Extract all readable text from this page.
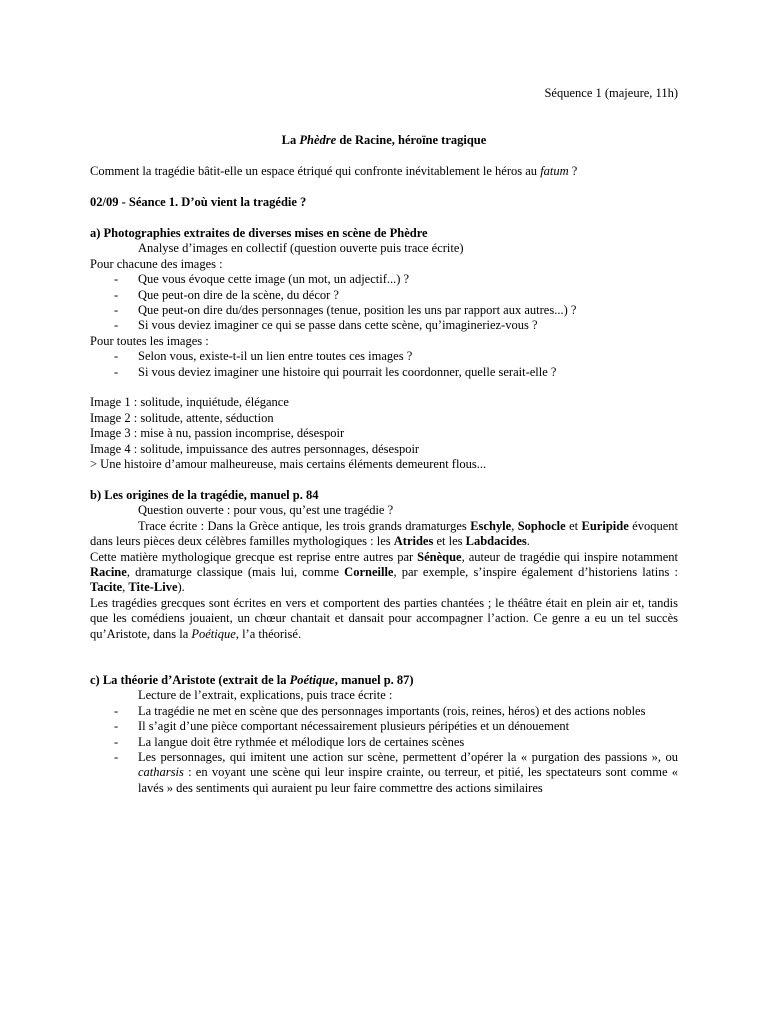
Séquence 1 (majeure, 11h)

La Phèdre de Racine, héroïne tragique

Comment la tragédie bâtit-elle un espace étriqué qui confronte inévitablement le héros au fatum ?

02/09 - Séance 1. D’où vient la tragédie ?

a) Photographies extraites de diverses mises en scène de Phèdre

Analyse d’images en collectif (question ouverte puis trace écrite)

Pour chacune des images :

- Que vous évoque cette image (un mot, un adjectif...) ?
- Que peut-on dire de la scène, du décor ?
- Que peut-on dire du/des personnages (tenue, position les uns par rapport aux autres...) ?
- Si vous deviez imaginer ce qui se passe dans cette scène, qu’imagineriez-vous ?

Pour toutes les images :

- Selon vous, existe-t-il un lien entre toutes ces images ?
- Si vous deviez imaginer une histoire qui pourrait les coordonner, quelle serait-elle ?

Image 1 : solitude, inquiétude, élégance

Image 2 : solitude, attente, séduction

Image 3 : mise à nu, passion incomprise, désespoir

Image 4 : solitude, impuissance des autres personnages, désespoir

> Une histoire d’amour malheureuse, mais certains éléments demeurent flous...

b) Les origines de la tragédie, manuel p. 84

Question ouverte : pour vous, qu’est une tragédie ?

Trace écrite : Dans la Grèce antique, les trois grands dramaturges Eschyle, Sophocle et Euripide évoquent dans leurs pièces deux célèbres familles mythologiques : les Atrides et les Labdacides.

Cette matière mythologique grecque est reprise entre autres par Sénèque, auteur de tragédie qui inspire notamment Racine, dramaturge classique (mais lui, comme Corneille, par exemple, s’inspire également d’historiens latins : Tacite, Tite-Live).

Les tragédies grecques sont écrites en vers et comportent des parties chantées ; le théâtre était en plein air et, tandis que les comédiens jouaient, un chœur chantait et dansait pour accompagner l’action. Ce genre a eu un tel succès qu’Aristote, dans la Poétique, l’a théorisé.

c) La théorie d’Aristote (extrait de la Poétique, manuel p. 87)

Lecture de l’extrait, explications, puis trace écrite :

- La tragédie ne met en scène que des personnages importants (rois, reines, héros) et des actions nobles
- Il s’agit d’une pièce comportant nécessairement plusieurs péripéties et un dénouement
- La langue doit être rythmée et mélodique lors de certaines scènes
- Les personnages, qui imitent une action sur scène, permettent d’opérer la « purgation des passions », ou catharsis : en voyant une scène qui leur inspire crainte, ou terreur, et pitié, les spectateurs sont comme « lavés » des sentiments qui auraient pu leur faire commettre des actions similaires
